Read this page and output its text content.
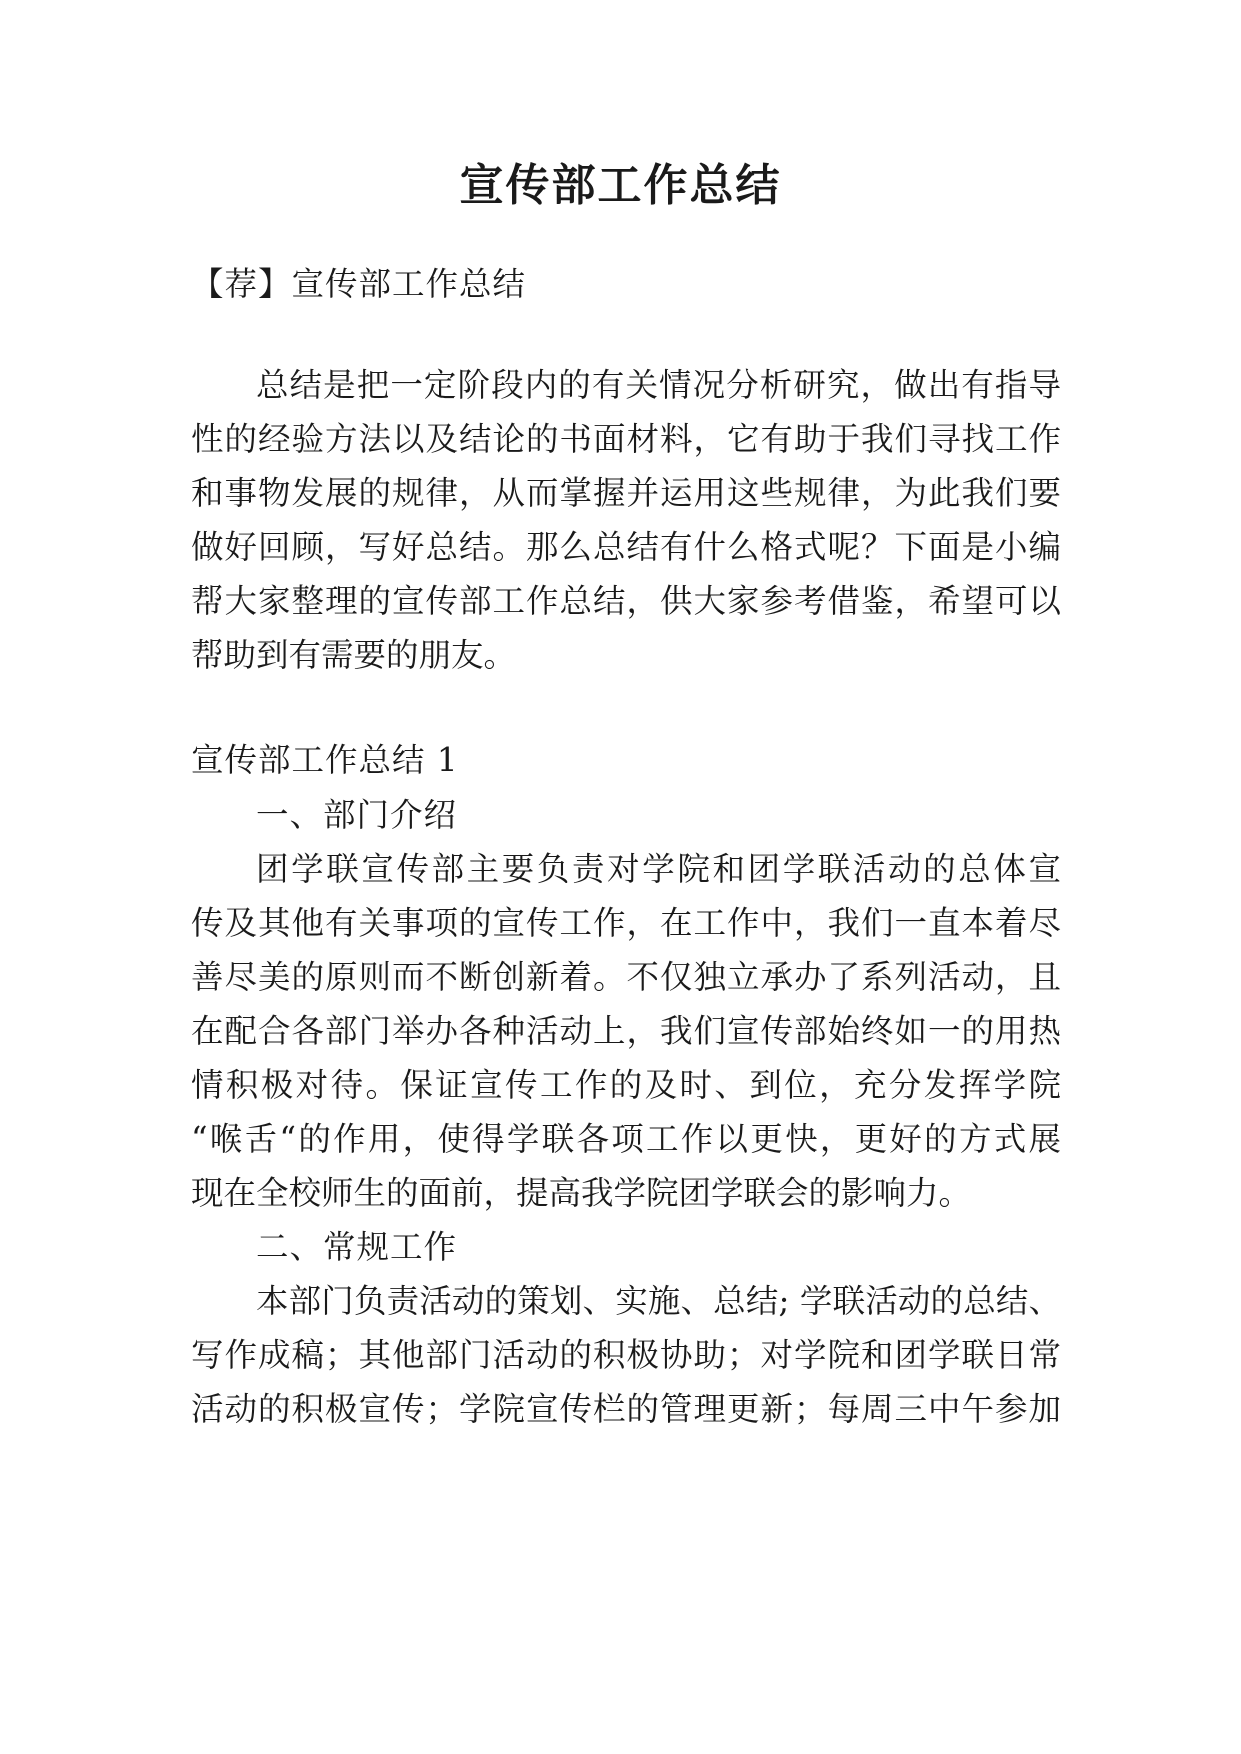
宣传部工作总结

【荐】宣传部工作总结

总结是把一定阶段内的有关情况分析研究，做出有指导

性的经验方法以及结论的书面材料，它有助于我们寻找工作

和事物发展的规律，从而掌握并运用这些规律，为此我们要

做好回顾，写好总结。那么总结有什么格式呢？下面是小编

帮大家整理的宣传部工作总结，供大家参考借鉴，希望可以

帮助到有需要的朋友。

宣传部工作总结 1

一、部门介绍

团学联宣传部主要负责对学院和团学联活动的总体宣

传及其他有关事项的宣传工作，在工作中，我们一直本着尽

善尽美的原则而不断创新着。不仅独立承办了系列活动，且

在配合各部门举办各种活动上，我们宣传部始终如一的用热

情积极对待。保证宣传工作的及时、到位，充分发挥学院

“喉舌“的作用，使得学联各项工作以更快，更好的方式展

现在全校师生的面前，提高我学院团学联会的影响力。

二、常规工作

本部门负责活动的策划、实施、总结; 学联活动的总结、

写作成稿；其他部门活动的积极协助；对学院和团学联日常

活动的积极宣传；学院宣传栏的管理更新；每周三中午参加
